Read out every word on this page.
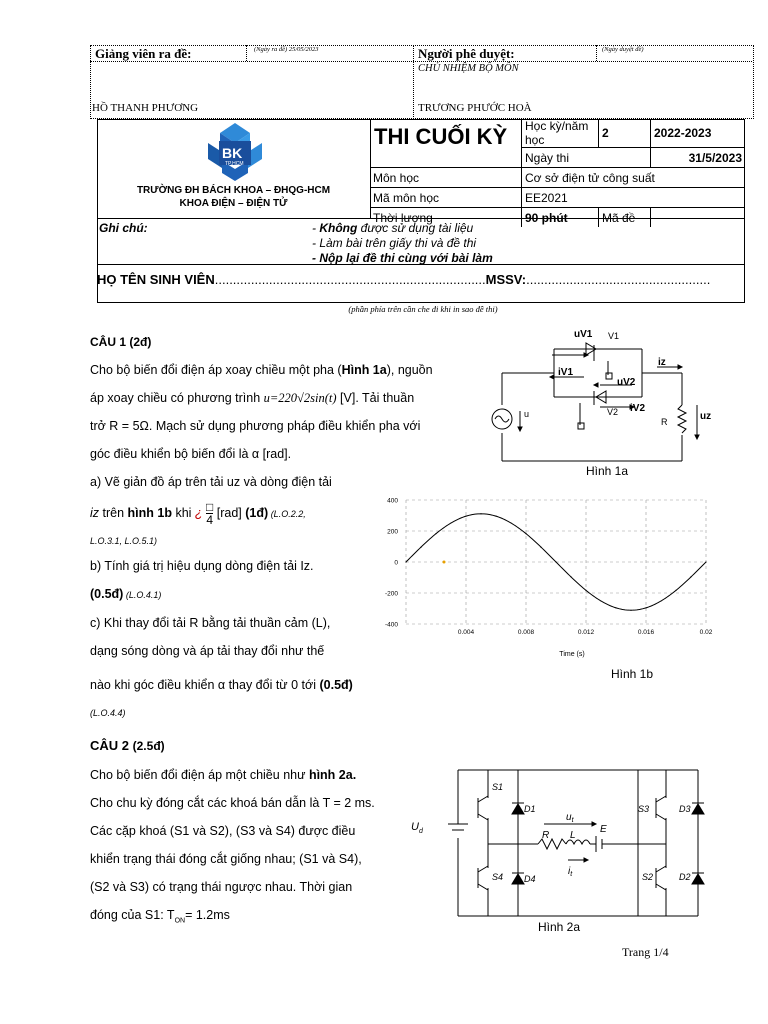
Giảng viên ra đề:	(Ngày ra đề) 25/05/2023
HỒ THANH PHƯƠNG
Người phê duyệt:	(Ngày duyệt đề)
CHỦ NHIỆM BỘ MÔN
TRƯƠNG PHƯỚC HOÀ
BK
TP.HCM
TRƯỜNG ĐH BÁCH KHOA – ĐHQG-HCM
KHOA ĐIỆN – ĐIỆN TỬ
THI CUỐI KỲ
	Học kỳ/năm học	2	2022-2023
	Ngày thi		31/5/2023
Môn học	Cơ sở điện tử công suất		
Mã môn học	EE2021		
Thời lượng	90 phút	Mã đề	
Ghi chú:	- Không được sử dụng tài liệu
- Làm bài trên giấy thi và đề thi
- Nộp lại đề thi cùng với bài làm
HỌ TÊN SINH VIÊN...........................................................................MSSV:...................................................
(phần phía trên cần che đi khi in sao đề thi)
CÂU 1 (2đ)
Cho bộ biến đổi điện áp xoay chiều một pha (Hình 1a), nguồn
áp xoay chiều có phương trình u=220√2sin(t) [V]. Tải thuần
trở R = 5Ω. Mạch sử dụng phương pháp điều khiển pha với
góc điều khiển bộ biến đổi là α [rad].
a) Vẽ giản đồ áp trên tải uz và dòng điện tải
iz trên hình 1b khi ¿ □
4
[rad] (1đ) (L.O.2.2,
L.O.3.1, L.O.5.1)
b) Tính giá trị hiệu dụng dòng điện tải Iz.
(0.5đ) (L.O.4.1)
c) Khi thay đổi tải R bằng tải thuần cảm (L),
dạng sóng dòng và áp tải thay đổi như thế
nào khi góc điều khiển α thay đổi từ 0 tới (0.5đ)
(L.O.4.4)
uV1 V1
iV1
uV2
iz
iV2
V2
u
R	uz
Hình 1a
400
200
0
-200
-400
0.004	0.008	0.012	0.016	0.02
Time (s)
Hình 1b
CÂU 2 (2.5đ)
Cho bộ biến đổi điện áp một chiều như hình 2a.
Cho chu kỳ đóng cắt các khoá bán dẫn là T = 2 ms.
Các cặp khoá (S1 và S2), (S3 và S4) được điều
khiển trạng thái đóng cắt giống nhau; (S1 và S4),
(S2 và S3) có trạng thái ngược nhau. Thời gian
đóng của S1: $T_{ON}= 1.2ms$
$U_d$
S1
S4
D1
D4
S3
S2
D3
D2
$u_t$
R L
E
$i_t$
Hình 2a
Trang 1/4
